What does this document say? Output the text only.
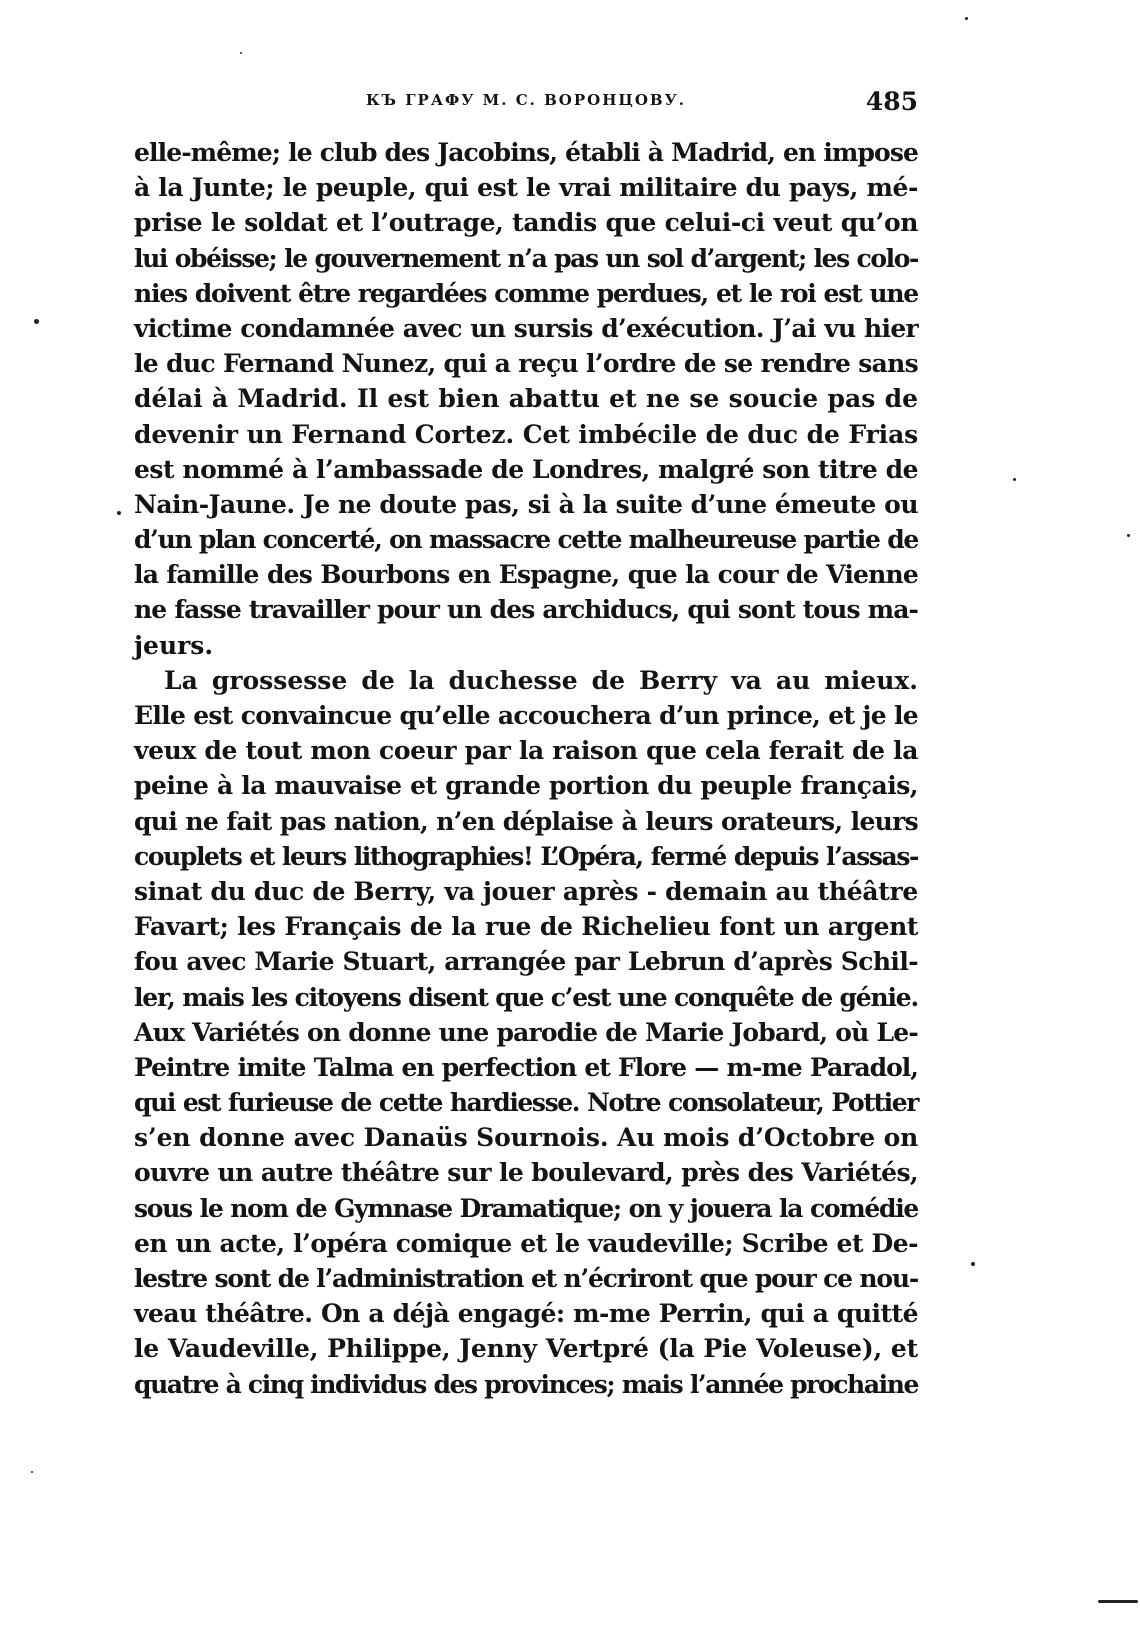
КЪ ГРАФУ М. С. ВОРОНЦОВУ.	485
elle-même; le club des Jacobins, établi à Madrid, en impose
à la Junte; le peuple, qui est le vrai militaire du pays, mé-
prise le soldat et l’outrage, tandis que celui-ci veut qu’on
lui obéisse; le gouvernement n’a pas un sol d’argent; les colo-
nies doivent être regardées comme perdues, et le roi est une
victime condamnée avec un sursis d’exécution. J’ai vu hier
le duc Fernand Nunez, qui a reçu l’ordre de se rendre sans
délai à Madrid. Il est bien abattu et ne se soucie pas de
devenir un Fernand Cortez. Cet imbécile de duc de Frias
est nommé à l’ambassade de Londres, malgré son titre de
Nain-Jaune. Je ne doute pas, si à la suite d’une émeute ou
d’un plan concerté, on massacre cette malheureuse partie de
la famille des Bourbons en Espagne, que la cour de Vienne
ne fasse travailler pour un des archiducs, qui sont tous ma-
jeurs.
La grossesse de la duchesse de Berry va au mieux.
Elle est convaincue qu’elle accouchera d’un prince, et je le
veux de tout mon coeur par la raison que cela ferait de la
peine à la mauvaise et grande portion du peuple français,
qui ne fait pas nation, n’en déplaise à leurs orateurs, leurs
couplets et leurs lithographies! L’Opéra, fermé depuis l’assas-
sinat du duc de Berry, va jouer après - demain au théâtre
Favart; les Français de la rue de Richelieu font un argent
fou avec Marie Stuart, arrangée par Lebrun d’après Schil-
ler, mais les citoyens disent que c’est une conquête de génie.
Aux Variétés on donne une parodie de Marie Jobard, où Le-
Peintre imite Talma en perfection et Flore — m-me Paradol,
qui est furieuse de cette hardiesse. Notre consolateur, Pottier
s’en donne avec Danaüs Sournois. Au mois d’Octobre on
ouvre un autre théâtre sur le boulevard, près des Variétés,
sous le nom de Gymnase Dramatique; on y jouera la comédie
en un acte, l’opéra comique et le vaudeville; Scribe et De-
lestre sont de l’administration et n’écriront que pour ce nou-
veau théâtre. On a déjà engagé: m-me Perrin, qui a quitté
le Vaudeville, Philippe, Jenny Vertpré (la Pie Voleuse), et
quatre à cinq individus des provinces; mais l’année prochaine
